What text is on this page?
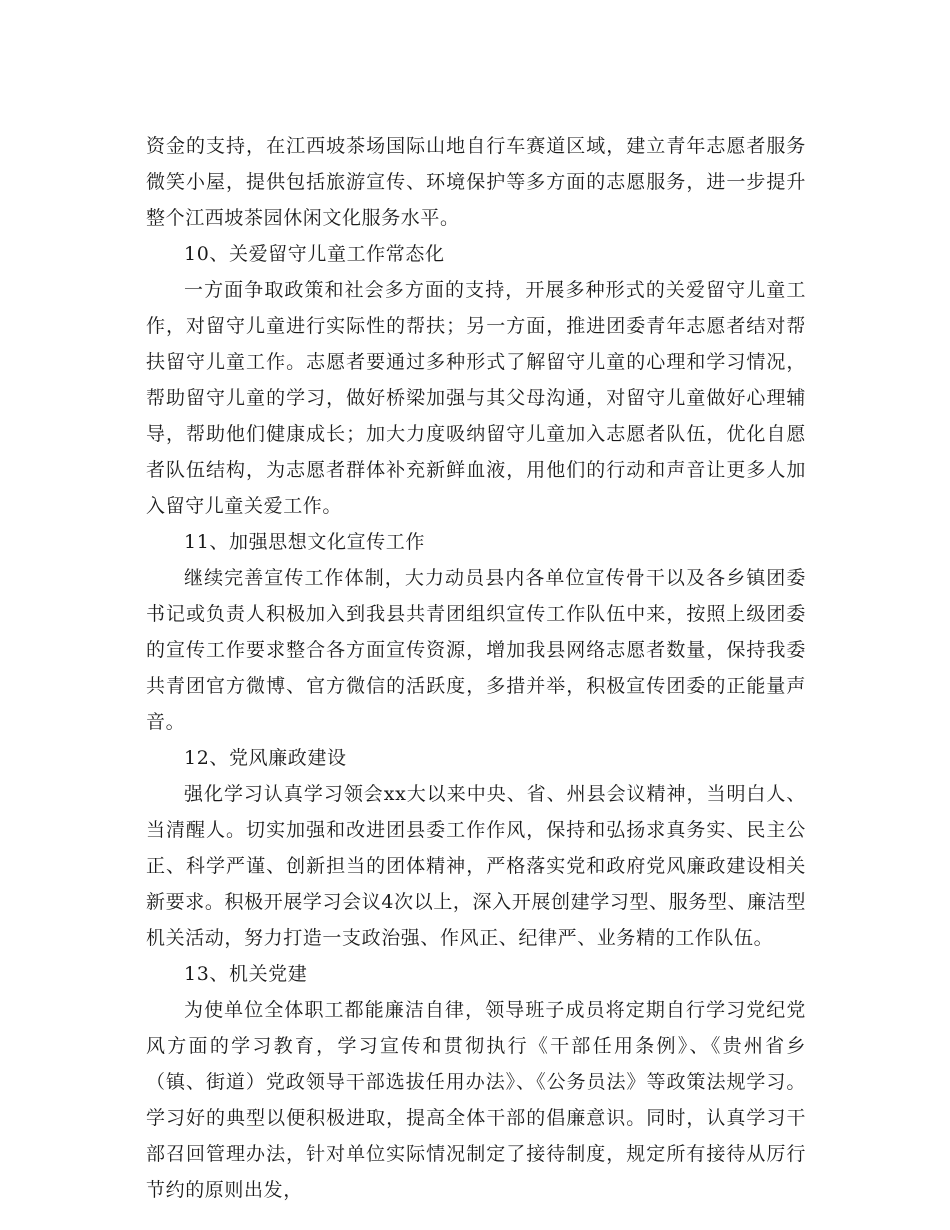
资金的支持，在江西坡茶场国际山地自行车赛道区域，建立青年志愿者服务微笑小屋，提供包括旅游宣传、环境保护等多方面的志愿服务，进一步提升整个江西坡茶园休闲文化服务水平。

10、关爱留守儿童工作常态化

一方面争取政策和社会多方面的支持，开展多种形式的关爱留守儿童工作，对留守儿童进行实际性的帮扶；另一方面，推进团委青年志愿者结对帮扶留守儿童工作。志愿者要通过多种形式了解留守儿童的心理和学习情况，帮助留守儿童的学习，做好桥梁加强与其父母沟通，对留守儿童做好心理辅导，帮助他们健康成长；加大力度吸纳留守儿童加入志愿者队伍，优化自愿者队伍结构，为志愿者群体补充新鲜血液，用他们的行动和声音让更多人加入留守儿童关爱工作。

11、加强思想文化宣传工作

继续完善宣传工作体制，大力动员县内各单位宣传骨干以及各乡镇团委书记或负责人积极加入到我县共青团组织宣传工作队伍中来，按照上级团委的宣传工作要求整合各方面宣传资源，增加我县网络志愿者数量，保持我委共青团官方微博、官方微信的活跃度，多措并举，积极宣传团委的正能量声音。

12、党风廉政建设

强化学习认真学习领会xx大以来中央、省、州县会议精神，当明白人、当清醒人。切实加强和改进团县委工作作风，保持和弘扬求真务实、民主公正、科学严谨、创新担当的团体精神，严格落实党和政府党风廉政建设相关新要求。积极开展学习会议4次以上，深入开展创建学习型、服务型、廉洁型机关活动，努力打造一支政治强、作风正、纪律严、业务精的工作队伍。

13、机关党建

为使单位全体职工都能廉洁自律，领导班子成员将定期自行学习党纪党风方面的学习教育，学习宣传和贯彻执行《干部任用条例》、《贵州省乡（镇、街道）党政领导干部选拔任用办法》、《公务员法》等政策法规学习。学习好的典型以便积极进取，提高全体干部的倡廉意识。同时，认真学习干部召回管理办法，针对单位实际情况制定了接待制度，规定所有接待从厉行节约的原则出发，
